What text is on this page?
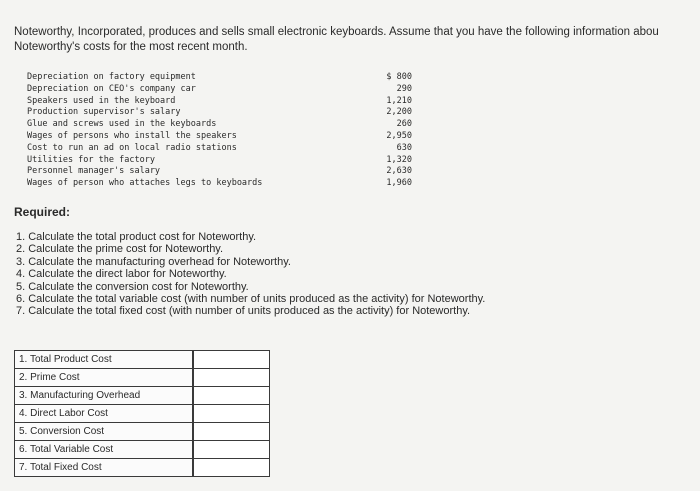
Noteworthy, Incorporated, produces and sells small electronic keyboards. Assume that you have the following information abou
Noteworthy's costs for the most recent month.
Depreciation on factory equipment	$ 800
Depreciation on CEO's company car	290
Speakers used in the keyboard	1,210
Production supervisor's salary	2,200
Glue and screws used in the keyboards	260
Wages of persons who install the speakers	2,950
Cost to run an ad on local radio stations	630
Utilities for the factory	1,320
Personnel manager's salary	2,630
Wages of person who attaches legs to keyboards	1,960
Required:
1. Calculate the total product cost for Noteworthy.
2. Calculate the prime cost for Noteworthy.
3. Calculate the manufacturing overhead for Noteworthy.
4. Calculate the direct labor for Noteworthy.
5. Calculate the conversion cost for Noteworthy.
6. Calculate the total variable cost (with number of units produced as the activity) for Noteworthy.
7. Calculate the total fixed cost (with number of units produced as the activity) for Noteworthy.
1. Total Product Cost	
2. Prime Cost	
3. Manufacturing Overhead	
4. Direct Labor Cost	
5. Conversion Cost	
6. Total Variable Cost	
7. Total Fixed Cost	
